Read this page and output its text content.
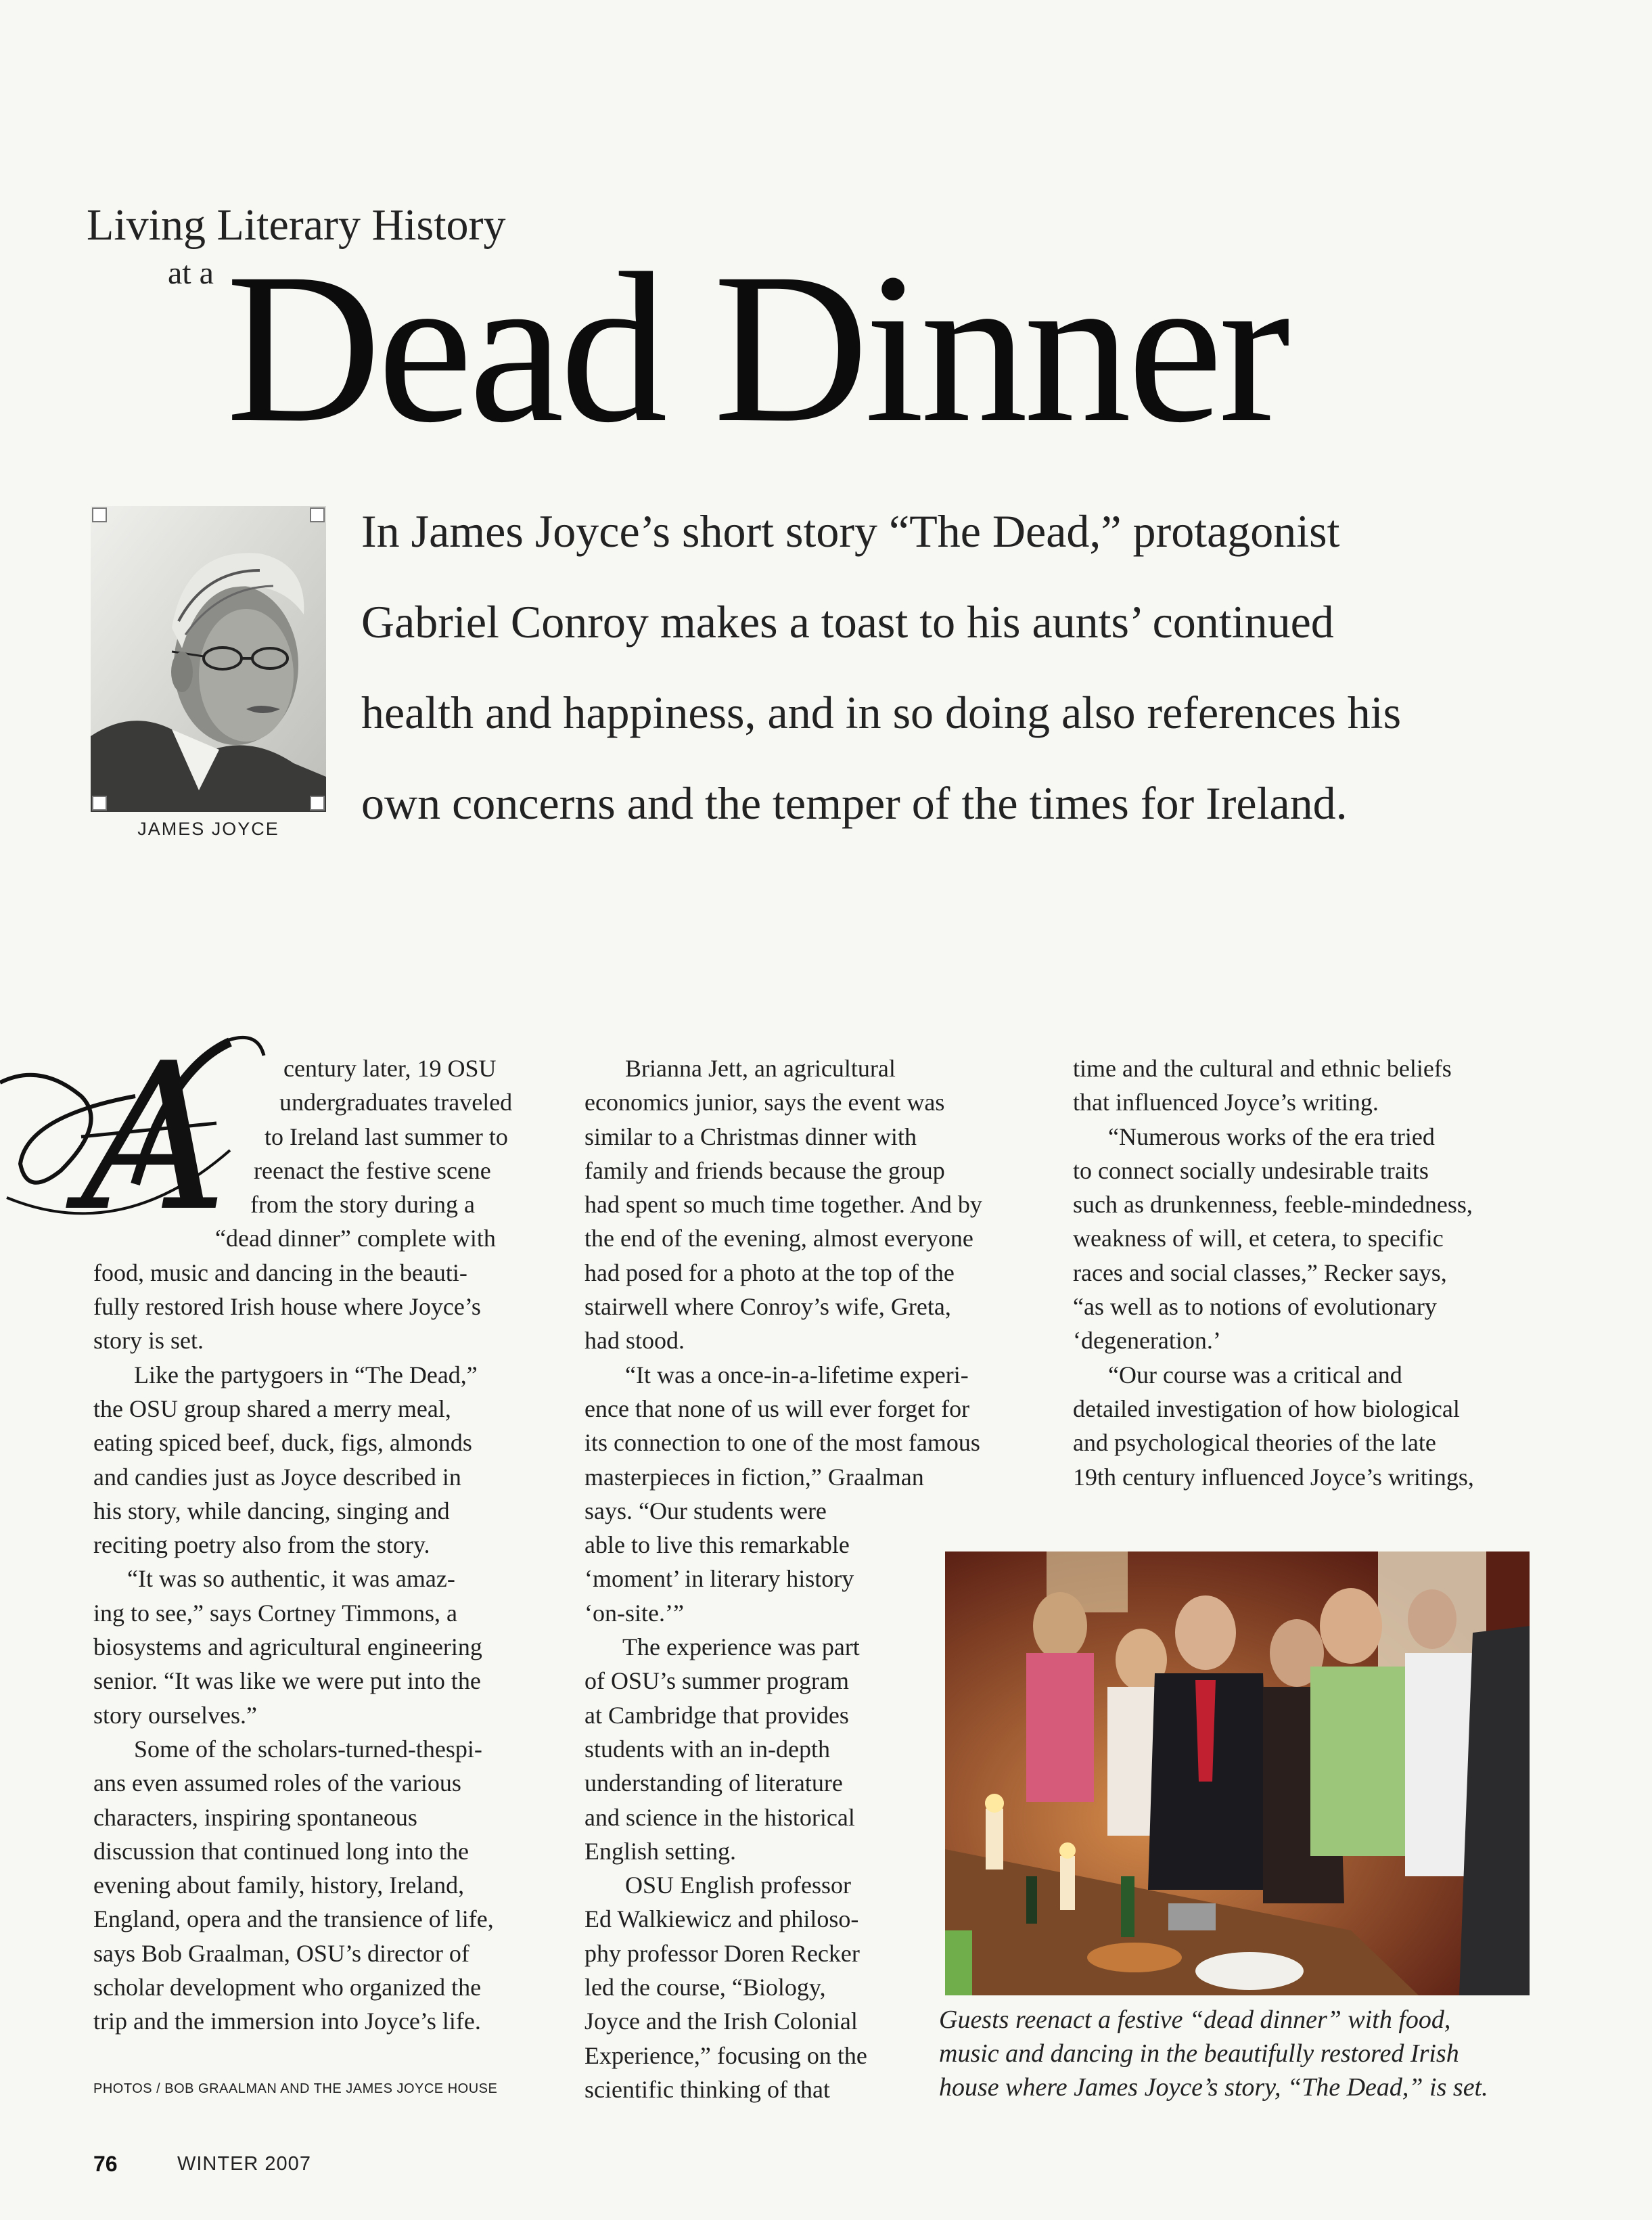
Living Literary History
at a Dead Dinner
JAMES JOYCE
In James Joyce’s short story “The Dead,” protagonist
Gabriel Conroy makes a toast to his aunts’ continued
health and happiness, and in so doing also references his
own concerns and the temper of the times for Ireland.
A	century later, 19 OSU
undergraduates traveled
to Ireland last summer to
reenact the festive scene
from the story during a
“dead dinner” complete with
food, music and dancing in the beauti-
fully restored Irish house where Joyce’s
story is set.
Like the partygoers in “The Dead,”
the OSU group shared a merry meal,
eating spiced beef, duck, figs, almonds
and candies just as Joyce described in
his story, while dancing, singing and
reciting poetry also from the story.
“It was so authentic, it was amaz-
ing to see,” says Cortney Timmons, a
biosystems and agricultural engineering
senior. “It was like we were put into the
story ourselves.”
Some of the scholars-turned-thespi-
ans even assumed roles of the various
characters, inspiring spontaneous
discussion that continued long into the
evening about family, history, Ireland,
England, opera and the transience of life,
says Bob Graalman, OSU’s director of
scholar development who organized the
trip and the immersion into Joyce’s life.
Brianna Jett, an agricultural
economics junior, says the event was
similar to a Christmas dinner with
family and friends because the group
had spent so much time together. And by
the end of the evening, almost everyone
had posed for a photo at the top of the
stairwell where Conroy’s wife, Greta,
had stood.
“It was a once-in-a-lifetime experi-
ence that none of us will ever forget for
its connection to one of the most famous
masterpieces in fiction,” Graalman
says. “Our students were
able to live this remarkable
‘moment’ in literary history
‘on-site.’”
The experience was part
of OSU’s summer program
at Cambridge that provides
students with an in-depth
understanding of literature
and science in the historical
English setting.
OSU English professor
Ed Walkiewicz and philoso-
phy professor Doren Recker
led the course, “Biology,
Joyce and the Irish Colonial
Experience,” focusing on the
scientific thinking of that
time and the cultural and ethnic beliefs
that influenced Joyce’s writing.
“Numerous works of the era tried
to connect socially undesirable traits
such as drunkenness, feeble-mindedness,
weakness of will, et cetera, to specific
races and social classes,” Recker says,
“as well as to notions of evolutionary
‘degeneration.’
“Our course was a critical and
detailed investigation of how biological
and psychological theories of the late
19th century influenced Joyce’s writings,
Guests reenact a festive “dead dinner” with food,
music and dancing in the beautifully restored Irish
house where James Joyce’s story, “The Dead,” is set.
PHOTOS / BOB GRAALMAN AND THE JAMES JOYCE HOUSE
76	WINTER 2007
